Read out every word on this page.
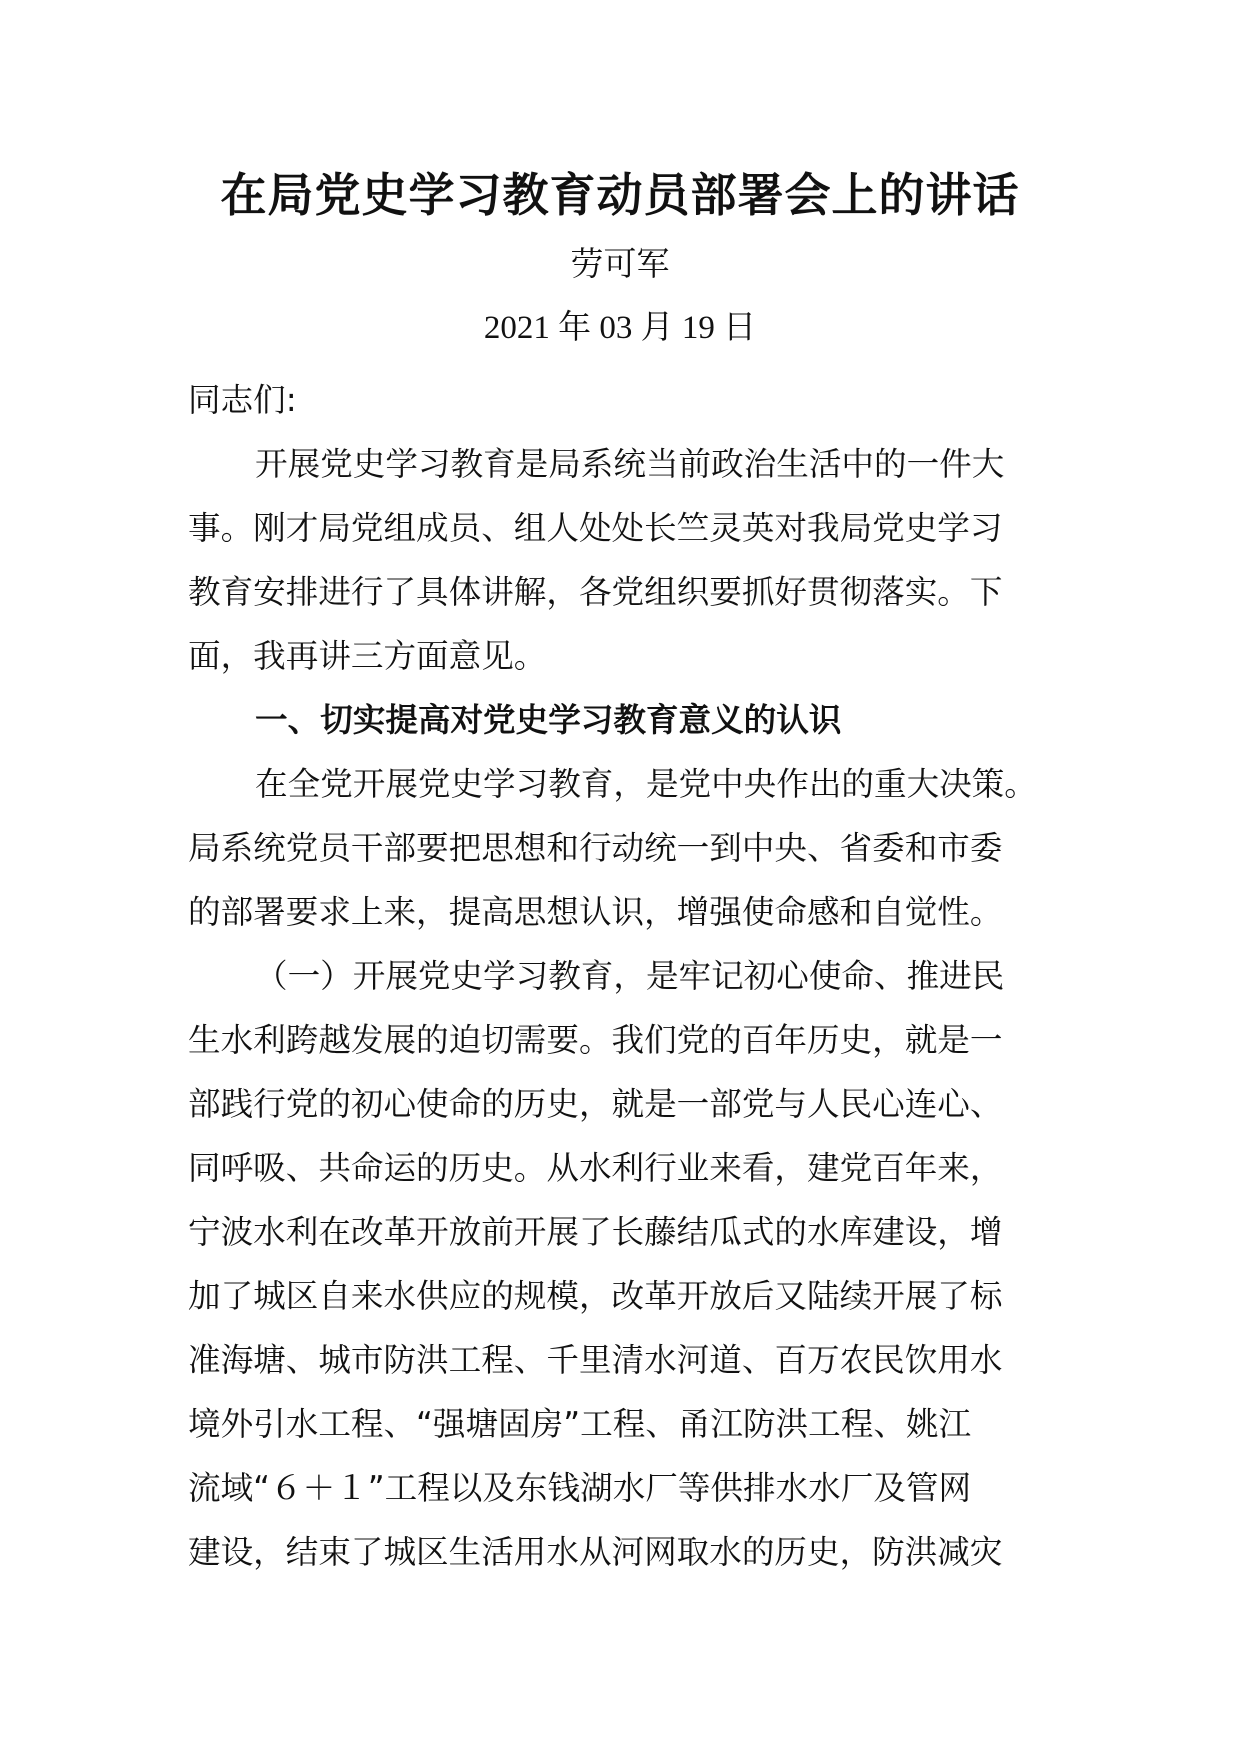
在局党史学习教育动员部署会上的讲话
劳可军
2021 年 03 月 19 日
同志们:
开展党史学习教育是局系统当前政治生活中的一件大
事。刚才局党组成员、组人处处长竺灵英对我局党史学习
教育安排进行了具体讲解，各党组织要抓好贯彻落实。下
面，我再讲三方面意见。
一、切实提高对党史学习教育意义的认识
在全党开展党史学习教育，是党中央作出的重大决策。
局系统党员干部要把思想和行动统一到中央、省委和市委
的部署要求上来，提高思想认识，增强使命感和自觉性。
（一）开展党史学习教育，是牢记初心使命、推进民
生水利跨越发展的迫切需要。我们党的百年历史，就是一
部践行党的初心使命的历史，就是一部党与人民心连心、
同呼吸、共命运的历史。从水利行业来看，建党百年来，
宁波水利在改革开放前开展了长藤结瓜式的水库建设，增
加了城区自来水供应的规模，改革开放后又陆续开展了标
准海塘、城市防洪工程、千里清水河道、百万农民饮用水
境外引水工程、“强塘固房”工程、甬江防洪工程、姚江
流域“６＋１”工程以及东钱湖水厂等供排水水厂及管网
建设，结束了城区生活用水从河网取水的历史，防洪减灾
